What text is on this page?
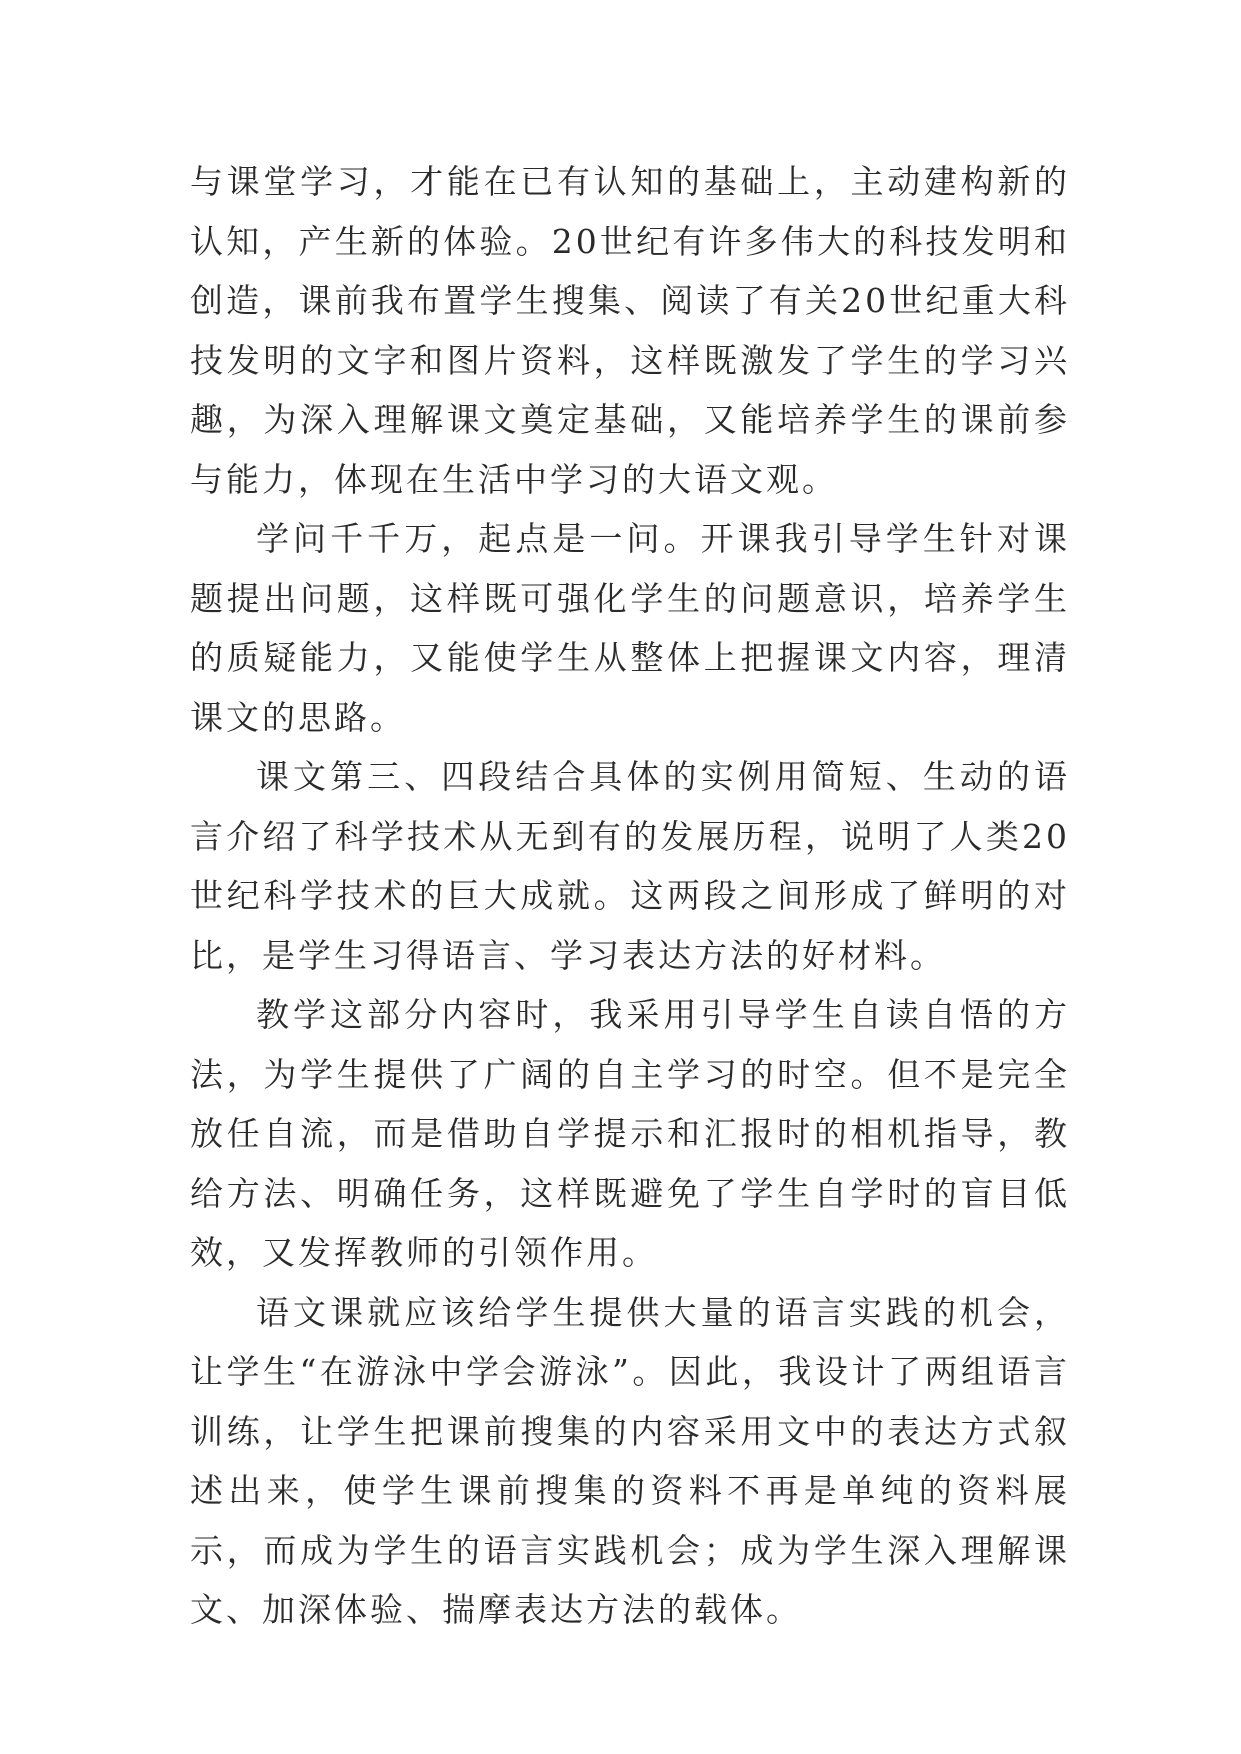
与课堂学习，才能在已有认知的基础上，主动建构新的认知，产生新的体验。20世纪有许多伟大的科技发明和创造，课前我布置学生搜集、阅读了有关20世纪重大科技发明的文字和图片资料，这样既激发了学生的学习兴趣，为深入理解课文奠定基础，又能培养学生的课前参与能力，体现在生活中学习的大语文观。

学问千千万，起点是一问。开课我引导学生针对课题提出问题，这样既可强化学生的问题意识，培养学生的质疑能力，又能使学生从整体上把握课文内容，理清课文的思路。

课文第三、四段结合具体的实例用简短、生动的语言介绍了科学技术从无到有的发展历程，说明了人类20世纪科学技术的巨大成就。这两段之间形成了鲜明的对比，是学生习得语言、学习表达方法的好材料。

教学这部分内容时，我采用引导学生自读自悟的方法，为学生提供了广阔的自主学习的时空。但不是完全放任自流，而是借助自学提示和汇报时的相机指导，教给方法、明确任务，这样既避免了学生自学时的盲目低效，又发挥教师的引领作用。

语文课就应该给学生提供大量的语言实践的机会，让学生“在游泳中学会游泳”。因此，我设计了两组语言训练，让学生把课前搜集的内容采用文中的表达方式叙述出来，使学生课前搜集的资料不再是单纯的资料展示，而成为学生的语言实践机会；成为学生深入理解课文、加深体验、揣摩表达方法的载体。
